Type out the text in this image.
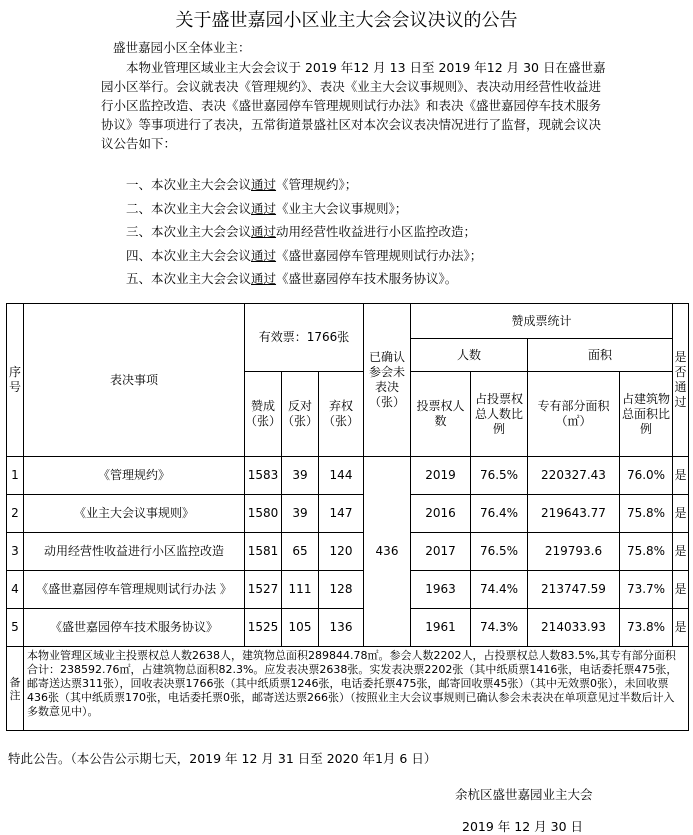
关于盛世嘉园小区业主大会会议决议的公告
盛世嘉园小区全体业主：
本物业管理区域业主大会会议于 2019 年12 月 13 日至 2019 年12 月 30 日在盛世嘉园小区举行。会议就表决《管理规约》、表决《业主大会议事规则》、表决动用经营性收益进行小区监控改造、表决《盛世嘉园停车管理规则试行办法》和表决《盛世嘉园停车技术服务协议》等事项进行了表决，五常街道景盛社区对本次会议表决情况进行了监督，现就会议决议公告如下：
一、本次业主大会会议通过《管理规约》；
二、本次业主大会会议通过《业主大会议事规则》；
三、本次业主大会会议通过动用经营性收益进行小区监控改造；
四、本次业主大会会议通过《盛世嘉园停车管理规则试行办法》；
五、本次业主大会会议通过《盛世嘉园停车技术服务协议》。
序号	表决事项	有效票：1766张			已确认参会未表决（张）	赞成票统计				是否通过
						人数		面积		
		赞成（张）	反对（张）	弃权（张）		投票权人数	占投票权总人数比例	专有部分面积（㎡）	占建筑物总面积比例	
1	《管理规约》	1583	39	144	436	2019	76.5%	220327.43	76.0%	是
2	《业主大会议事规则》	1580	39	147		2016	76.4%	219643.77	75.8%	是
3	动用经营性收益进行小区监控改造	1581	65	120		2017	76.5%	219793.6	75.8%	是
4	《盛世嘉园停车管理规则试行办法 》	1527	111	128		1963	74.4%	213747.59	73.7%	是
5	《盛世嘉园停车技术服务协议》	1525	105	136		1961	74.3%	214033.93	73.8%	是
备注	本物业管理区域业主投票权总人数2638人，建筑物总面积289844.78㎡。参会人数2202人，占投票权总人数83.5%,其专有部分面积合计：238592.76㎡，占建筑物总面积82.3%。应发表决票2638张。实发表决票2202张（其中纸质票1416张，电话委托票475张，邮寄送达票311张），回收表决票1766张（其中纸质票1246张，电话委托票475张，邮寄回收票45张）（其中无效票0张），未回收票436张（其中纸质票170张，电话委托票0张，邮寄送达票266张）（按照业主大会议事规则已确认参会未表决在单项意见过半数后计入多数意见中）。									
特此公告。（本公告公示期七天，2019 年 12 月 31 日至 2020 年1月 6 日）
余杭区盛世嘉园业主大会
2019 年 12 月 30 日
